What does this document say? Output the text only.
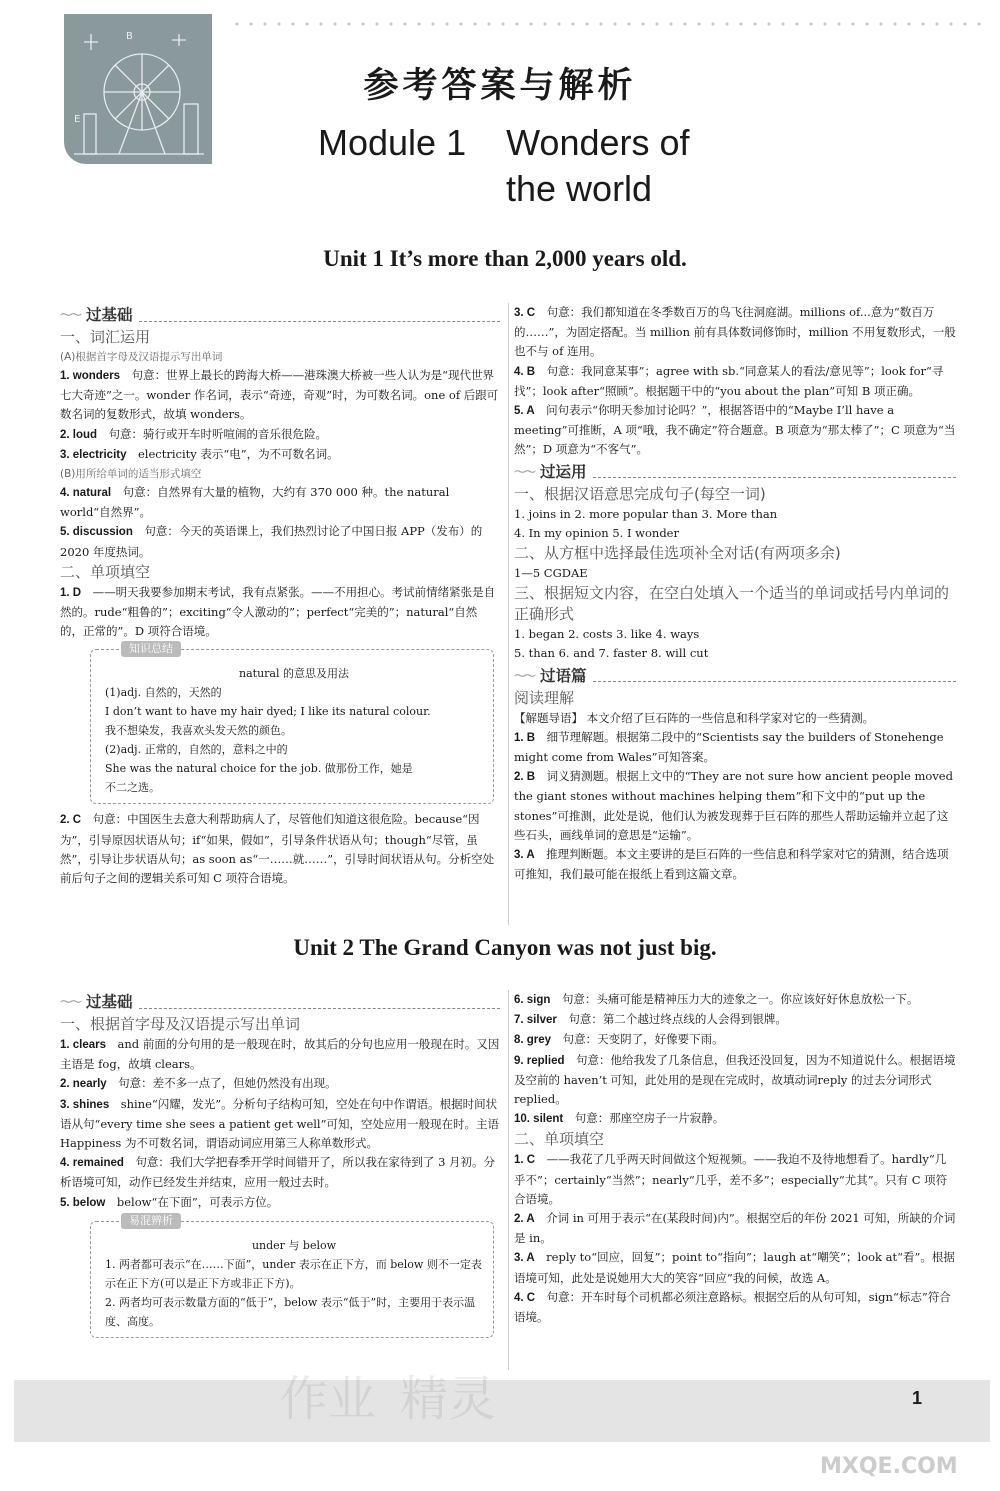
B
E
参考答案与解析
Module 1    Wonders of
the world
Unit 1 It’s more than 2,000 years old.
〜〜 过基础

一、词汇运用

(A)根据首字母及汉语提示写出单词

1. wonders  句意：世界上最长的跨海大桥——港珠澳大桥被一些人认为是“现代世界七大奇迹”之一。wonder 作名词，表示“奇迹，奇观”时，为可数名词。one of 后跟可数名词的复数形式，故填 wonders。

2. loud  句意：骑行或开车时听喧闹的音乐很危险。

3. electricity  electricity 表示“电”，为不可数名词。

(B)用所给单词的适当形式填空

4. natural  句意：自然界有大量的植物，大约有 370 000 种。the natural world“自然界”。

5. discussion  句意：今天的英语课上，我们热烈讨论了中国日报 APP（发布）的 2020 年度热词。

二、单项填空

1. D  ——明天我要参加期末考试，我有点紧张。——不用担心。考试前情绪紧张是自然的。rude“粗鲁的”；exciting“令人激动的”；perfect“完美的”；natural“自然的，正常的”。D 项符合语境。

知识总结
natural 的意思及用法
(1)adj. 自然的，天然的
I don’t want to have my hair dyed; I like its natural colour.
我不想染发，我喜欢头发天然的颜色。
(2)adj. 正常的，自然的，意料之中的
She was the natural choice for the job. 做那份工作，她是
不二之选。

2. C  句意：中国医生去意大利帮助病人了，尽管他们知道这很危险。because“因为”，引导原因状语从句；if“如果，假如”，引导条件状语从句；though“尽管，虽然”，引导让步状语从句；as soon as“一……就……”，引导时间状语从句。分析空处前后句子之间的逻辑关系可知 C 项符合语境。

3. C  句意：我们都知道在冬季数百万的鸟飞往洞庭湖。millions of...意为“数百万的……”，为固定搭配。当 million 前有具体数词修饰时，million 不用复数形式，一般也不与 of 连用。

4. B  句意：我同意某事”；agree with sb.“同意某人的看法/意见等”；look for“寻找”；look after“照顾”。根据题干中的“you about the plan”可知 B 项正确。

5. A  问句表示“你明天参加讨论吗？”，根据答语中的“Maybe I’ll have a meeting”可推断，A 项“哦，我不确定”符合题意。B 项意为“那太棒了”；C 项意为“当然”；D 项意为“不客气”。

〜〜 过运用

一、根据汉语意思完成句子(每空一词)

1. joins in 2. more popular than 3. More than

4. In my opinion 5. I wonder

二、从方框中选择最佳选项补全对话(有两项多余)

1—5 CGDAE

三、根据短文内容，在空白处填入一个适当的单词或括号内单词的正确形式

1. began 2. costs 3. like 4. ways

5. than 6. and 7. faster 8. will cut

〜〜 过语篇

阅读理解

【解题导语】 本文介绍了巨石阵的一些信息和科学家对它的一些猜测。

1. B  细节理解题。根据第二段中的“Scientists say the builders of Stonehenge might come from Wales”可知答案。

2. B  词义猜测题。根据上文中的“They are not sure how ancient people moved the giant stones without machines helping them”和下文中的“put up the stones”可推测，此处是说，他们认为被发现葬于巨石阵的那些人帮助运输并立起了这些石头，画线单词的意思是“运输”。

3. A  推理判断题。本文主要讲的是巨石阵的一些信息和科学家对它的猜测，结合选项可推知，我们最可能在报纸上看到这篇文章。

Unit 2 The Grand Canyon was not just big.
〜〜 过基础

一、根据首字母及汉语提示写出单词

1. clears  and 前面的分句用的是一般现在时，故其后的分句也应用一般现在时。又因主语是 fog，故填 clears。

2. nearly  句意：差不多一点了，但她仍然没有出现。

3. shines  shine“闪耀，发光”。分析句子结构可知，空处在句中作谓语。根据时间状语从句“every time she sees a patient get well”可知，空处应用一般现在时。主语 Happiness 为不可数名词，谓语动词应用第三人称单数形式。

4. remained  句意：我们大学把春季开学时间错开了，所以我在家待到了 3 月初。分析语境可知，动作已经发生并结束，应用一般过去时。

5. below  below“在下面”，可表示方位。

易混辨析
under 与 below
1. 两者都可表示“在……下面”，under 表示在正下方，而 below 则不一定表示在正下方(可以是正下方或非正下方)。
2. 两者均可表示数量方面的“低于”，below 表示“低于”时，主要用于表示温度、高度。

6. sign  句意：头痛可能是精神压力大的迹象之一。你应该好好休息放松一下。

7. silver  句意：第二个越过终点线的人会得到银牌。

8. grey  句意：天变阴了，好像要下雨。

9. replied  句意：他给我发了几条信息，但我还没回复，因为不知道说什么。根据语境及空前的 haven’t 可知，此处用的是现在完成时，故填动词reply 的过去分词形式 replied。

10. silent  句意：那座空房子一片寂静。

二、单项填空

1. C  ——我花了几乎两天时间做这个短视频。——我迫不及待地想看了。hardly“几乎不”；certainly“当然”；nearly“几乎，差不多”；especially“尤其”。只有 C 项符合语境。

2. A  介词 in 可用于表示“在(某段时间)内”。根据空后的年份 2021 可知，所缺的介词是 in。

3. A  reply to“回应，回复”；point to“指向”；laugh at“嘲笑”；look at“看”。根据语境可知，此处是说她用大大的笑容“回应”我的问候，故选 A。

4. C  句意：开车时每个司机都必须注意路标。根据空后的从句可知，sign“标志”符合语境。

作业 精灵	1
MXQE.COM
